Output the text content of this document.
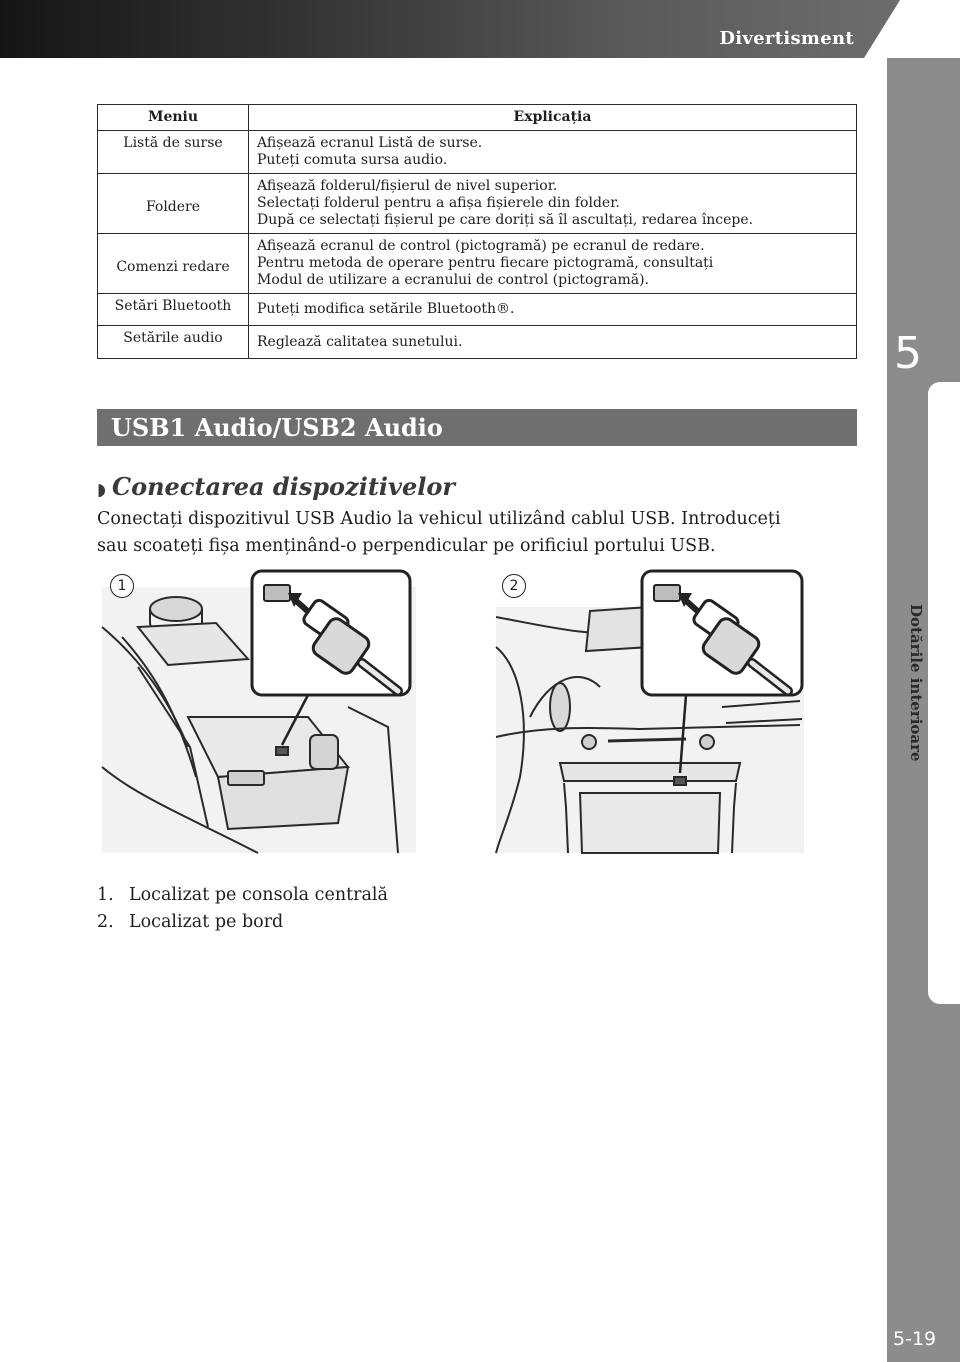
Divertisment
5
Dotările interioare
5-19
Meniu	Explicația
Listă de surse	Afișează ecranul Listă de surse.
Puteți comuta sursa audio.

Foldere	Afișează folderul/fișierul de nivel superior.
Selectați folderul pentru a afișa fișierele din folder.
După ce selectați fișierul pe care doriți să îl ascultați, redarea începe.

Comenzi redare	Afișează ecranul de control (pictogramă) pe ecranul de redare.
Pentru metoda de operare pentru fiecare pictogramă, consultați
Modul de utilizare a ecranului de control (pictogramă).

Setări Bluetooth	Puteți modifica setările Bluetooth®.

Setările audio	Reglează calitatea sunetului.
USB1 Audio/USB2 Audio
◗ Conectarea dispozitivelor
Conectați dispozitivul USB Audio la vehicul utilizând cablul USB. Introduceți
sau scoateți fișa menținând-o perpendicular pe orificiul portului USB.
1	2
1. Localizat pe consola centrală
2. Localizat pe bord
